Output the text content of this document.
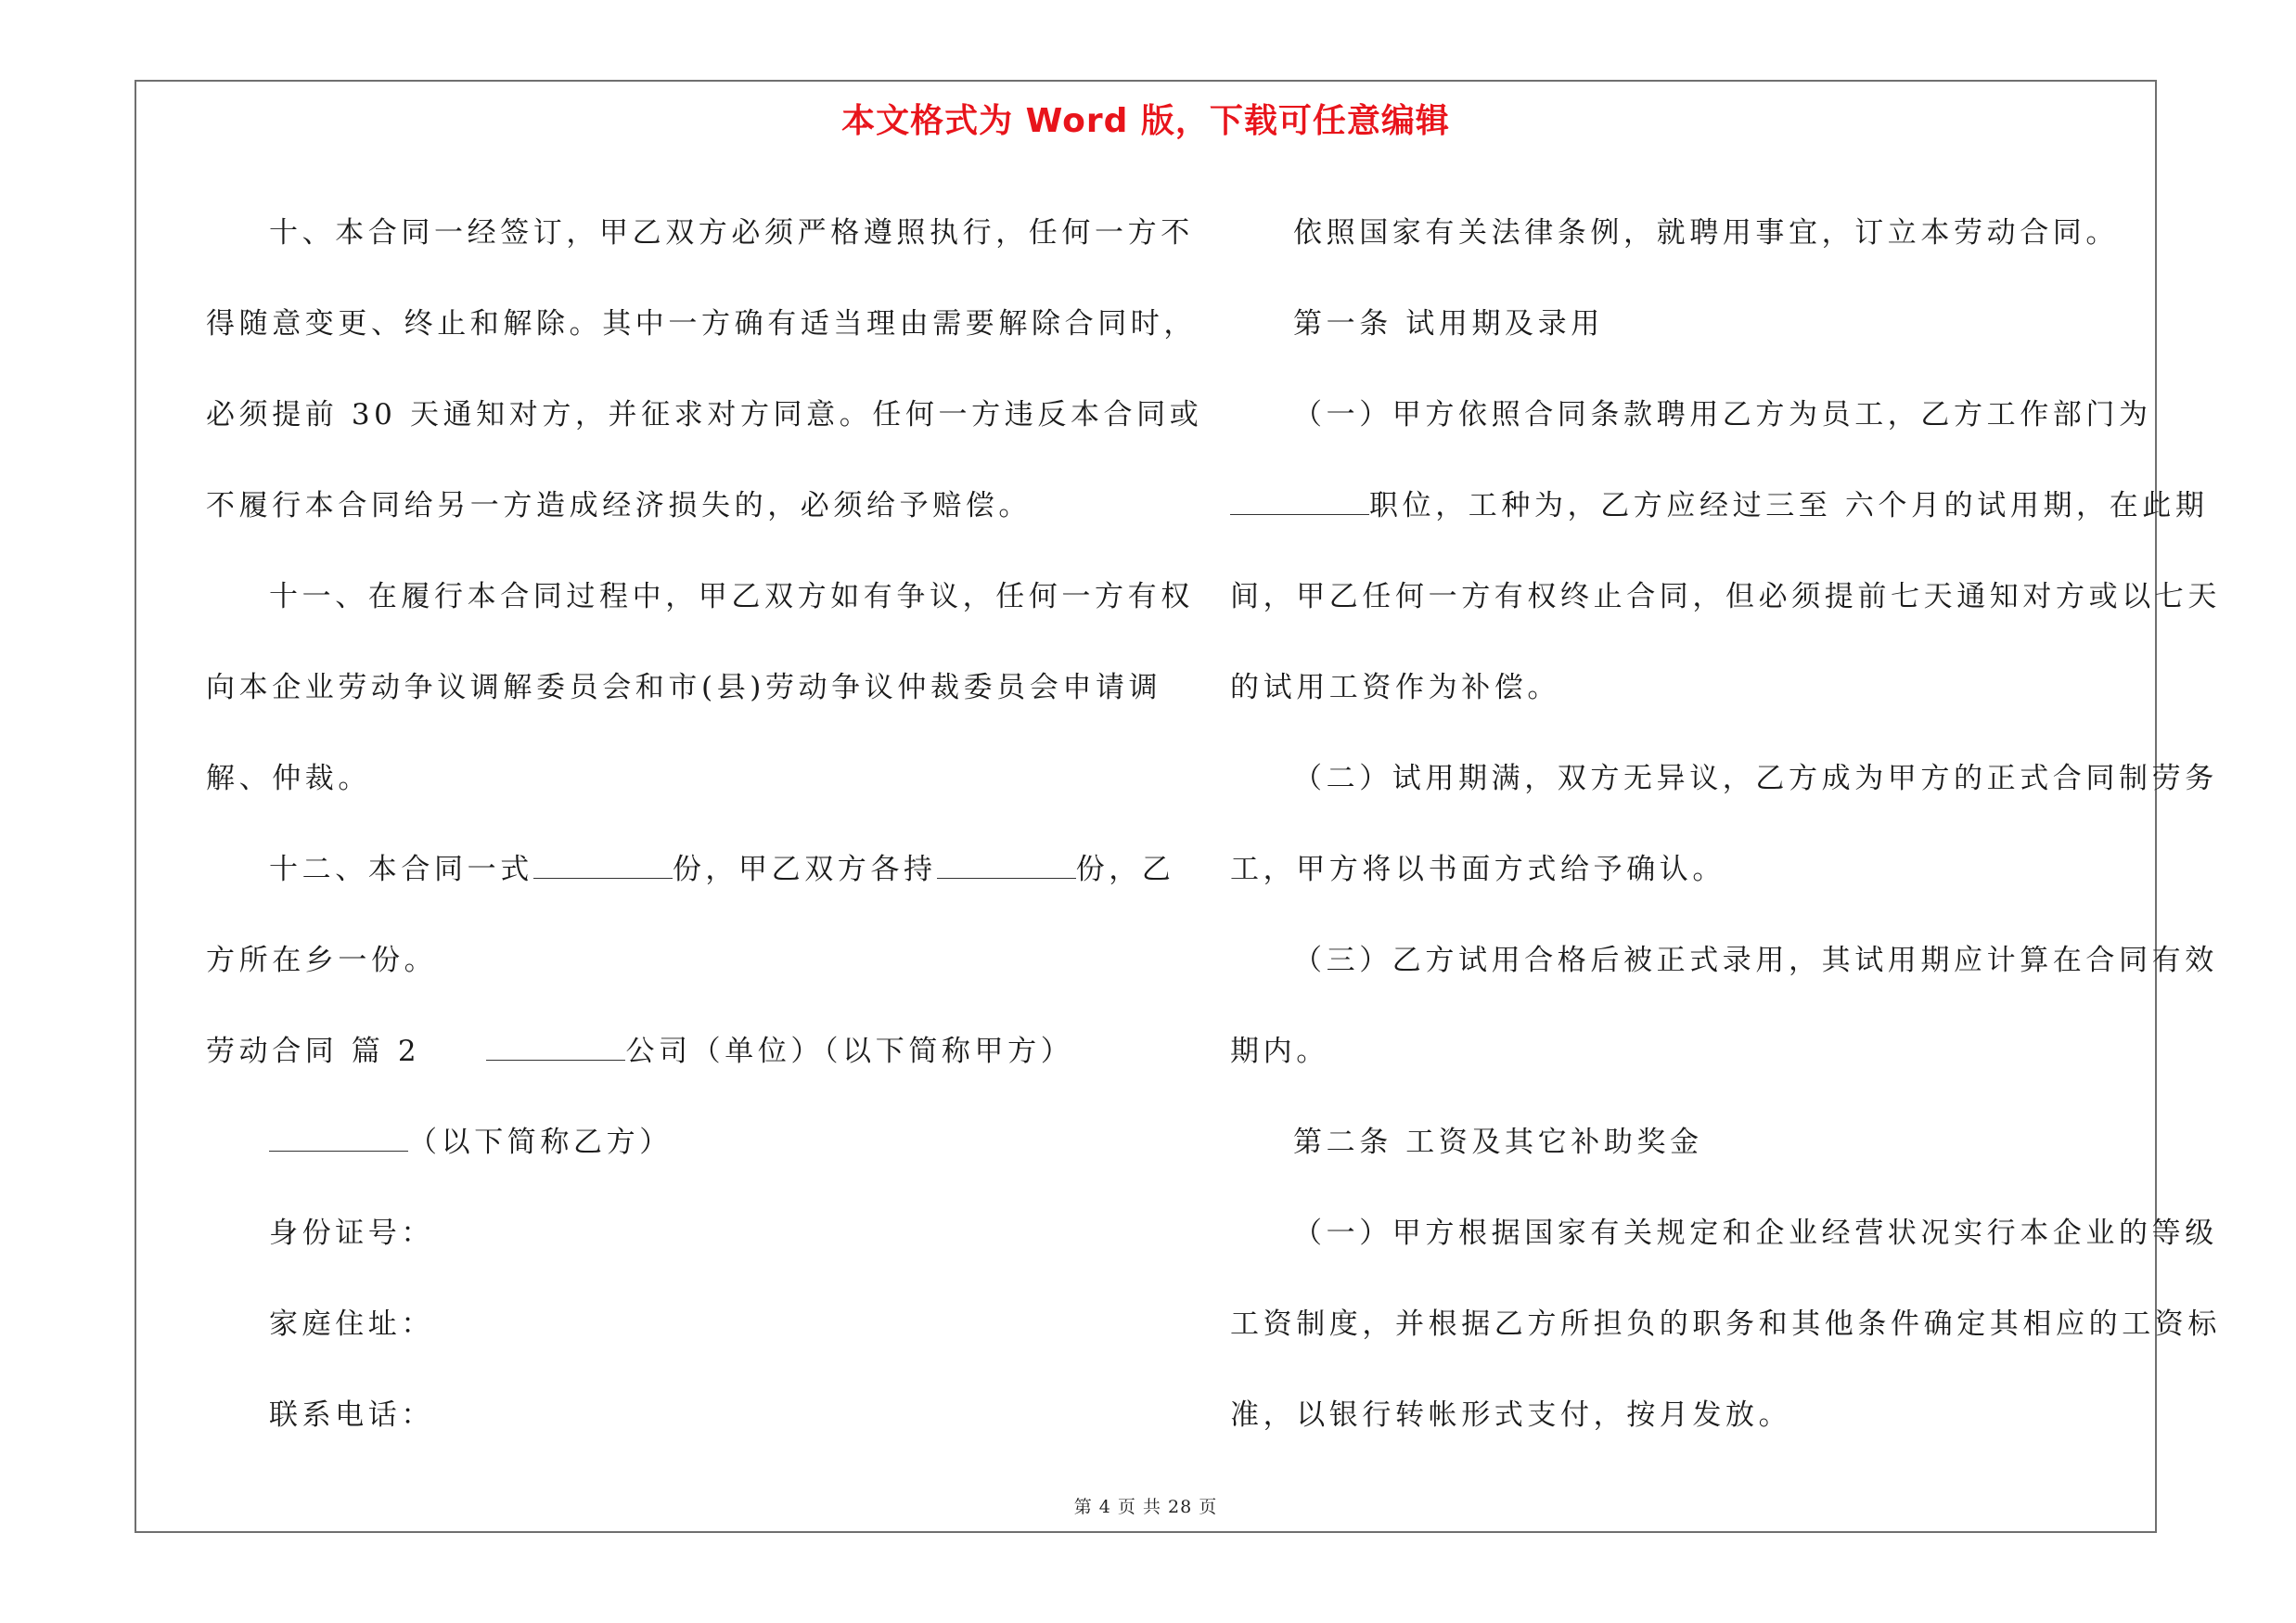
本文格式为 Word 版，下载可任意编辑
十、本合同一经签订，甲乙双方必须严格遵照执行，任何一方不
得随意变更、终止和解除。其中一方确有适当理由需要解除合同时，
必须提前 30 天通知对方，并征求对方同意。任何一方违反本合同或
不履行本合同给另一方造成经济损失的，必须给予赔偿。
十一、在履行本合同过程中，甲乙双方如有争议，任何一方有权
向本企业劳动争议调解委员会和市(县)劳动争议仲裁委员会申请调
解、仲裁。
十二、本合同一式	份，甲乙双方各持	份，乙
方所在乡一份。
劳动合同 篇 2　　	公司（单位）（以下简称甲方）
（以下简称乙方）
身份证号：
家庭住址：
联系电话：
依照国家有关法律条例，就聘用事宜，订立本劳动合同。
第一条 试用期及录用
（一）甲方依照合同条款聘用乙方为员工，乙方工作部门为
职位，工种为，乙方应经过三至 六个月的试用期，在此期
间，甲乙任何一方有权终止合同，但必须提前七天通知对方或以七天
的试用工资作为补偿。
（二）试用期满，双方无异议，乙方成为甲方的正式合同制劳务
工，甲方将以书面方式给予确认。
（三）乙方试用合格后被正式录用，其试用期应计算在合同有效
期内。
第二条 工资及其它补助奖金
（一）甲方根据国家有关规定和企业经营状况实行本企业的等级
工资制度，并根据乙方所担负的职务和其他条件确定其相应的工资标
准，以银行转帐形式支付，按月发放。
第 4 页 共 28 页
